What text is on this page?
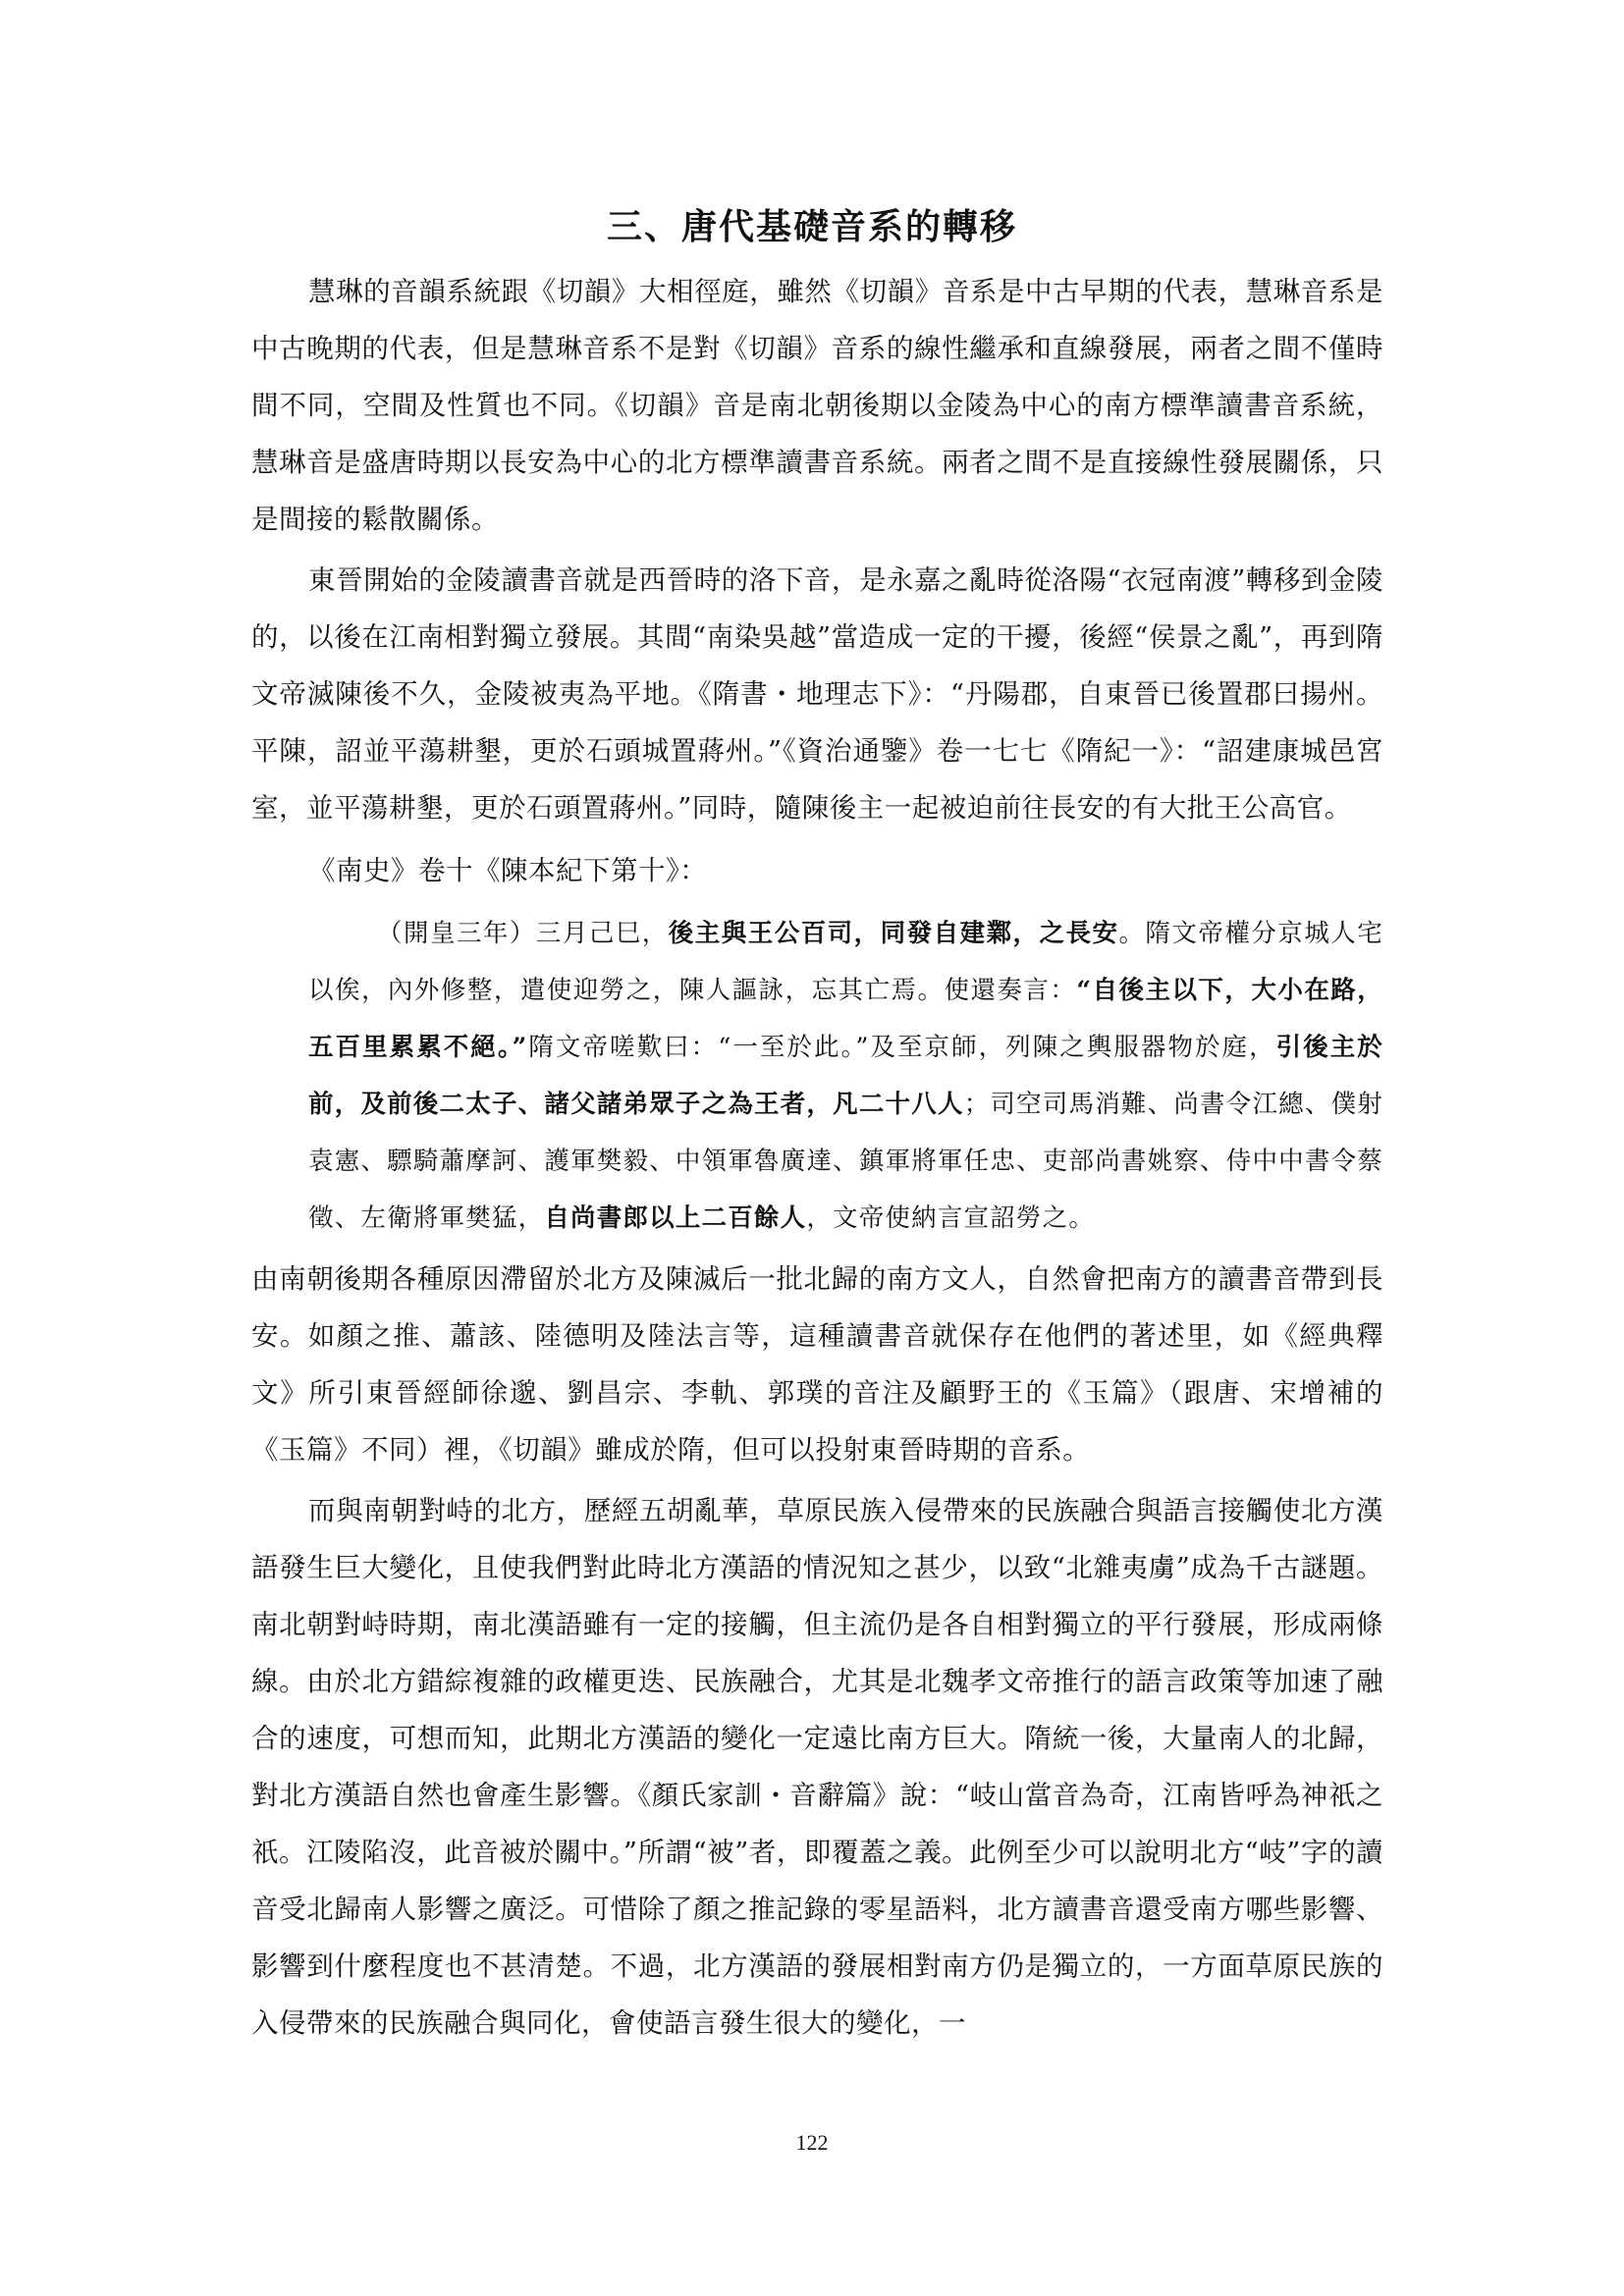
三、唐代基礎音系的轉移

慧琳的音韻系統跟《切韻》大相徑庭，雖然《切韻》音系是中古早期的代表，慧琳音系是中古晚期的代表，但是慧琳音系不是對《切韻》音系的線性繼承和直線發展，兩者之間不僅時間不同，空間及性質也不同。《切韻》音是南北朝後期以金陵為中心的南方標準讀書音系統，慧琳音是盛唐時期以長安為中心的北方標準讀書音系統。兩者之間不是直接線性發展關係，只是間接的鬆散關係。

東晉開始的金陵讀書音就是西晉時的洛下音，是永嘉之亂時從洛陽“衣冠南渡”轉移到金陵的，以後在江南相對獨立發展。其間“南染吳越”當造成一定的干擾，後經“侯景之亂”，再到隋文帝滅陳後不久，金陵被夷為平地。《隋書・地理志下》：“丹陽郡，自東晉已後置郡曰揚州。平陳，詔並平蕩耕墾，更於石頭城置蔣州。”《資治通鑒》卷一七七《隋紀一》：“詔建康城邑宮室，並平蕩耕墾，更於石頭置蔣州。”同時，隨陳後主一起被迫前往長安的有大批王公高官。

《南史》卷十《陳本紀下第十》：

（開皇三年）三月己巳，後主與王公百司，同發自建鄴，之長安。隋文帝權分京城人宅以俟，內外修整，遣使迎勞之，陳人謳詠，忘其亡焉。使還奏言：“自後主以下，大小在路，五百里累累不絕。”隋文帝嗟歎曰：“一至於此。”及至京師，列陳之輿服器物於庭，引後主於前，及前後二太子、諸父諸弟眾子之為王者，凡二十八人；司空司馬消難、尚書令江總、僕射袁憲、驃騎蕭摩訶、護軍樊毅、中領軍魯廣達、鎮軍將軍任忠、吏部尚書姚察、侍中中書令蔡徵、左衛將軍樊猛，自尚書郎以上二百餘人，文帝使納言宣詔勞之。

由南朝後期各種原因滯留於北方及陳滅后一批北歸的南方文人，自然會把南方的讀書音帶到長安。如顏之推、蕭該、陸德明及陸法言等，這種讀書音就保存在他們的著述里，如《經典釋文》所引東晉經師徐邈、劉昌宗、李軌、郭璞的音注及顧野王的《玉篇》（跟唐、宋增補的《玉篇》不同）裡，《切韻》雖成於隋，但可以投射東晉時期的音系。

而與南朝對峙的北方，歷經五胡亂華，草原民族入侵帶來的民族融合與語言接觸使北方漢語發生巨大變化，且使我們對此時北方漢語的情況知之甚少，以致“北雜夷虜”成為千古謎題。南北朝對峙時期，南北漢語雖有一定的接觸，但主流仍是各自相對獨立的平行發展，形成兩條線。由於北方錯綜複雜的政權更迭、民族融合，尤其是北魏孝文帝推行的語言政策等加速了融合的速度，可想而知，此期北方漢語的變化一定遠比南方巨大。隋統一後，大量南人的北歸，對北方漢語自然也會產生影響。《顏氏家訓・音辭篇》說：“岐山當音為奇，江南皆呼為神祇之祇。江陵陷沒，此音被於關中。”所謂“被”者，即覆蓋之義。此例至少可以說明北方“岐”字的讀音受北歸南人影響之廣泛。可惜除了顏之推記錄的零星語料，北方讀書音還受南方哪些影響、影響到什麼程度也不甚清楚。不過，北方漢語的發展相對南方仍是獨立的，一方面草原民族的入侵帶來的民族融合與同化，會使語言發生很大的變化，一

122
